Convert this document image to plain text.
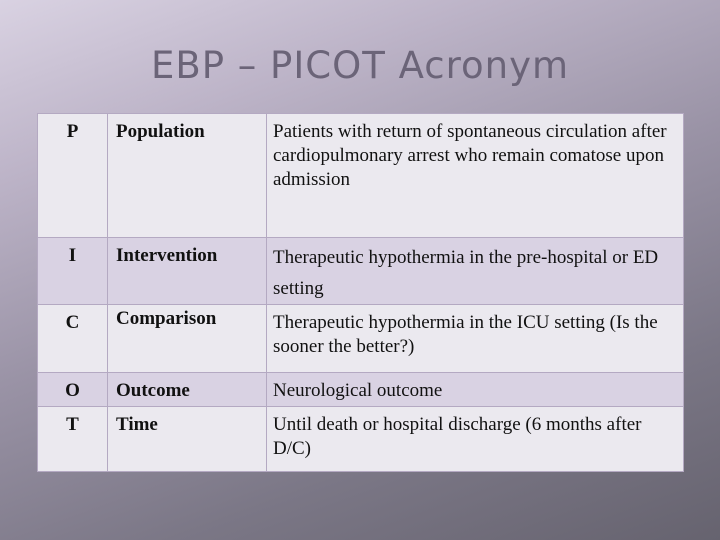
EBP – PICOT Acronym
P	Population	Patients with return of spontaneous circulation after cardiopulmonary arrest who remain comatose upon admission

I	Intervention	Therapeutic hypothermia in the pre-hospital or ED setting

C	Comparison	Therapeutic hypothermia in the ICU setting (Is the sooner the better?)

O	Outcome	Neurological outcome

T	Time	Until death or hospital discharge (6 months after D/C)
